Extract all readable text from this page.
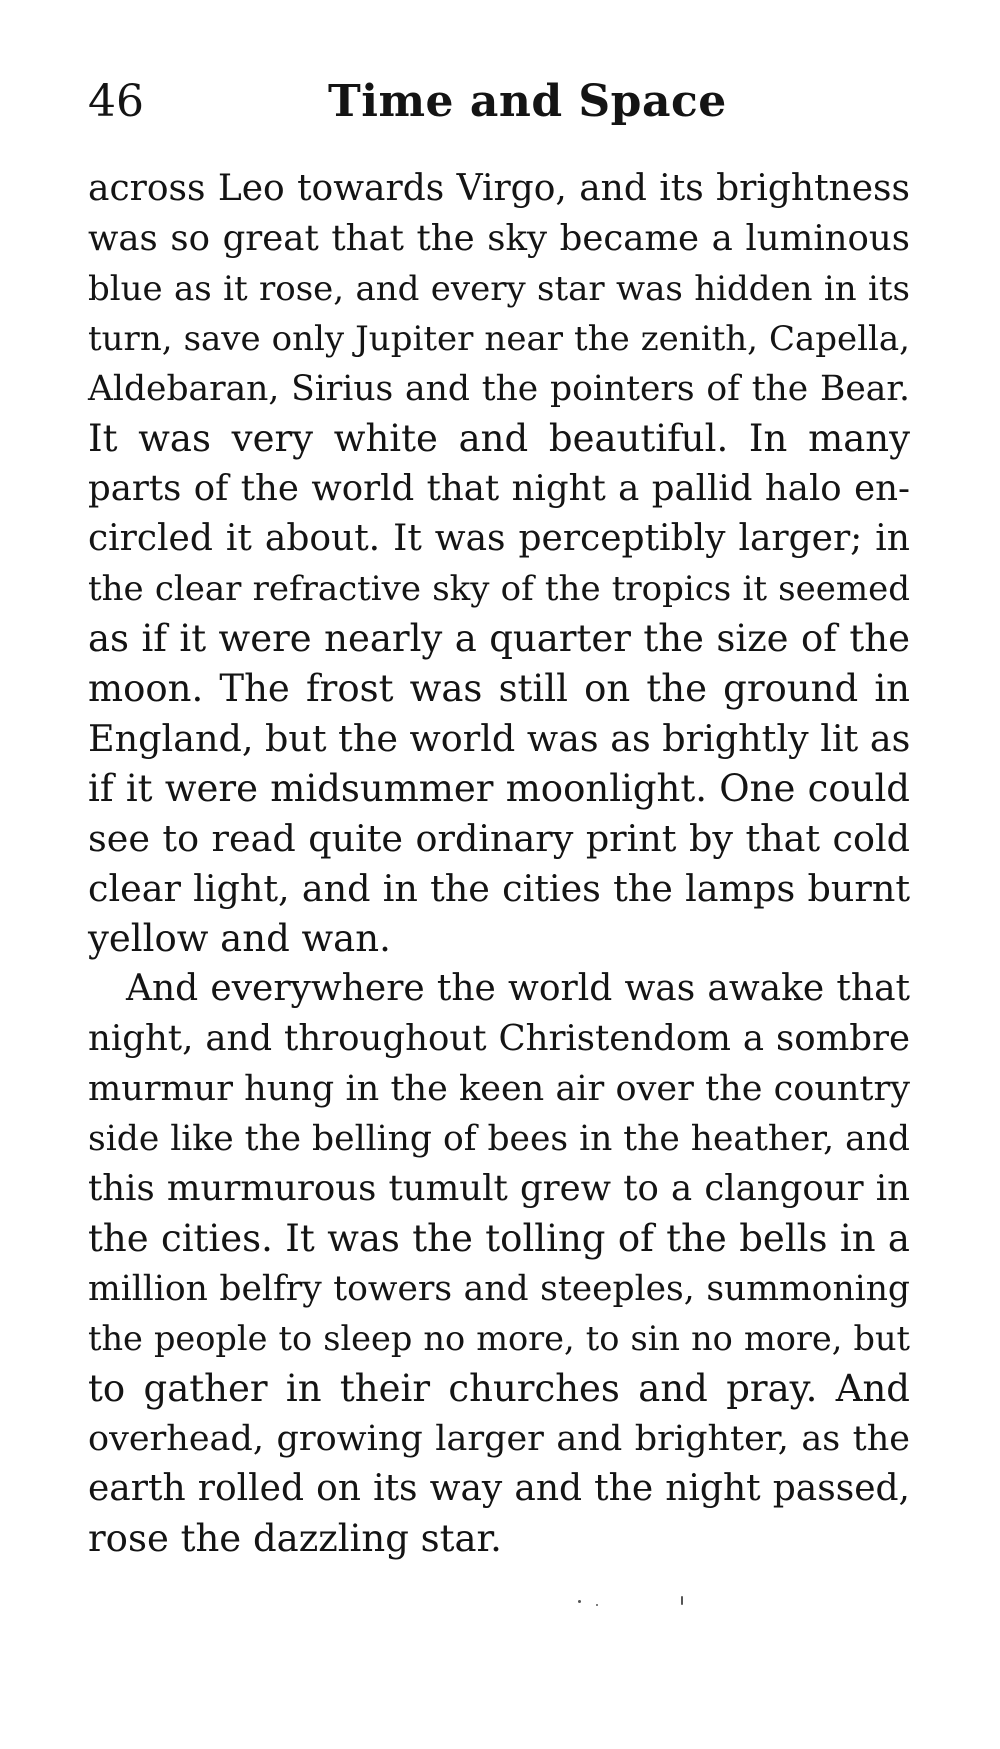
46	Time and Space
across Leo towards Virgo, and its brightness
was so great that the sky became a luminous
blue as it rose, and every star was hidden in its
turn, save only Jupiter near the zenith, Capella,
Aldebaran, Sirius and the pointers of the Bear.
It was very white and beautiful. In many
parts of the world that night a pallid halo en-
circled it about. It was perceptibly larger; in
the clear refractive sky of the tropics it seemed
as if it were nearly a quarter the size of the
moon. The frost was still on the ground in
England, but the world was as brightly lit as
if it were midsummer moonlight. One could
see to read quite ordinary print by that cold
clear light, and in the cities the lamps burnt
yellow and wan.
And everywhere the world was awake that
night, and throughout Christendom a sombre
murmur hung in the keen air over the country
side like the belling of bees in the heather, and
this murmurous tumult grew to a clangour in
the cities. It was the tolling of the bells in a
million belfry towers and steeples, summoning
the people to sleep no more, to sin no more, but
to gather in their churches and pray. And
overhead, growing larger and brighter, as the
earth rolled on its way and the night passed,
rose the dazzling star.
